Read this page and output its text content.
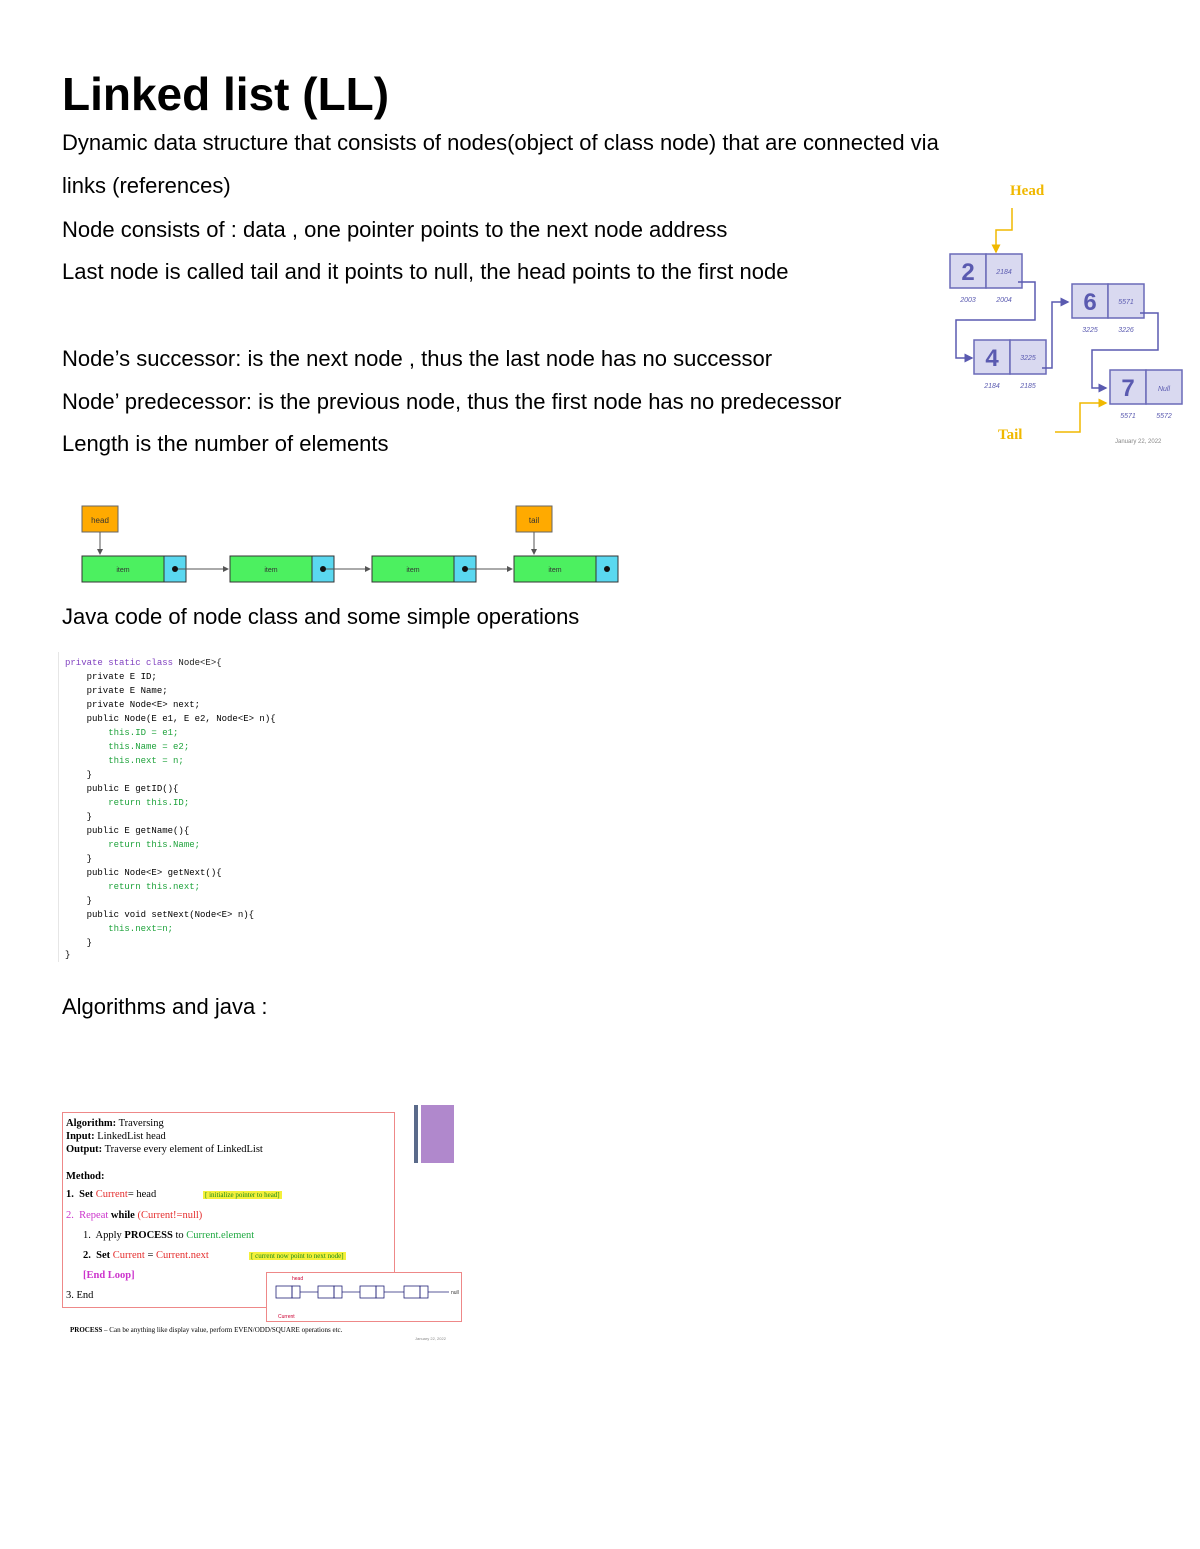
Linked list (LL)
Dynamic data structure that consists of nodes(object of class node) that are connected via
links (references)
Node consists of : data , one pointer points to the next node address
Last node is called tail and it points to null, the head points to the first node
Node’s successor: is the next node , thus the last node has no successor
Node’ predecessor: is the previous node, thus the first node has no predecessor
Length is the number of elements
Head
2	2184
2003	2004
4	3225
2184	2185
6	5571
3225	3226
7	Null
5571	5572
Tail	January 22, 2022
head	tail
item	item	item	item
Java code of node class and some simple operations
private static class Node<E>{
private E ID;
private E Name;
private Node<E> next;
public Node(E e1, E e2, Node<E> n){
this.ID = e1;
this.Name = e2;
this.next = n;
}
public E getID(){
return this.ID;
}
public E getName(){
return this.Name;
}
public Node<E> getNext(){
return this.next;
}
public void setNext(Node<E> n){
this.next=n;
}
}
Algorithms and java :
Algorithm: Traversing
Input: LinkedList head
Output: Traverse every element of LinkedList
Method:
1. Set Current= head	[ initialize pointer to head]
2. Repeat while (Current!=null)
1. Apply PROCESS to Current.element
2. Set Current = Current.next	[ current now point to next node]
[End Loop]
3. End
head
Current
null
PROCESS – Can be anything like display value, perform EVEN/ODD/SQUARE operations etc.
January 22, 2022
